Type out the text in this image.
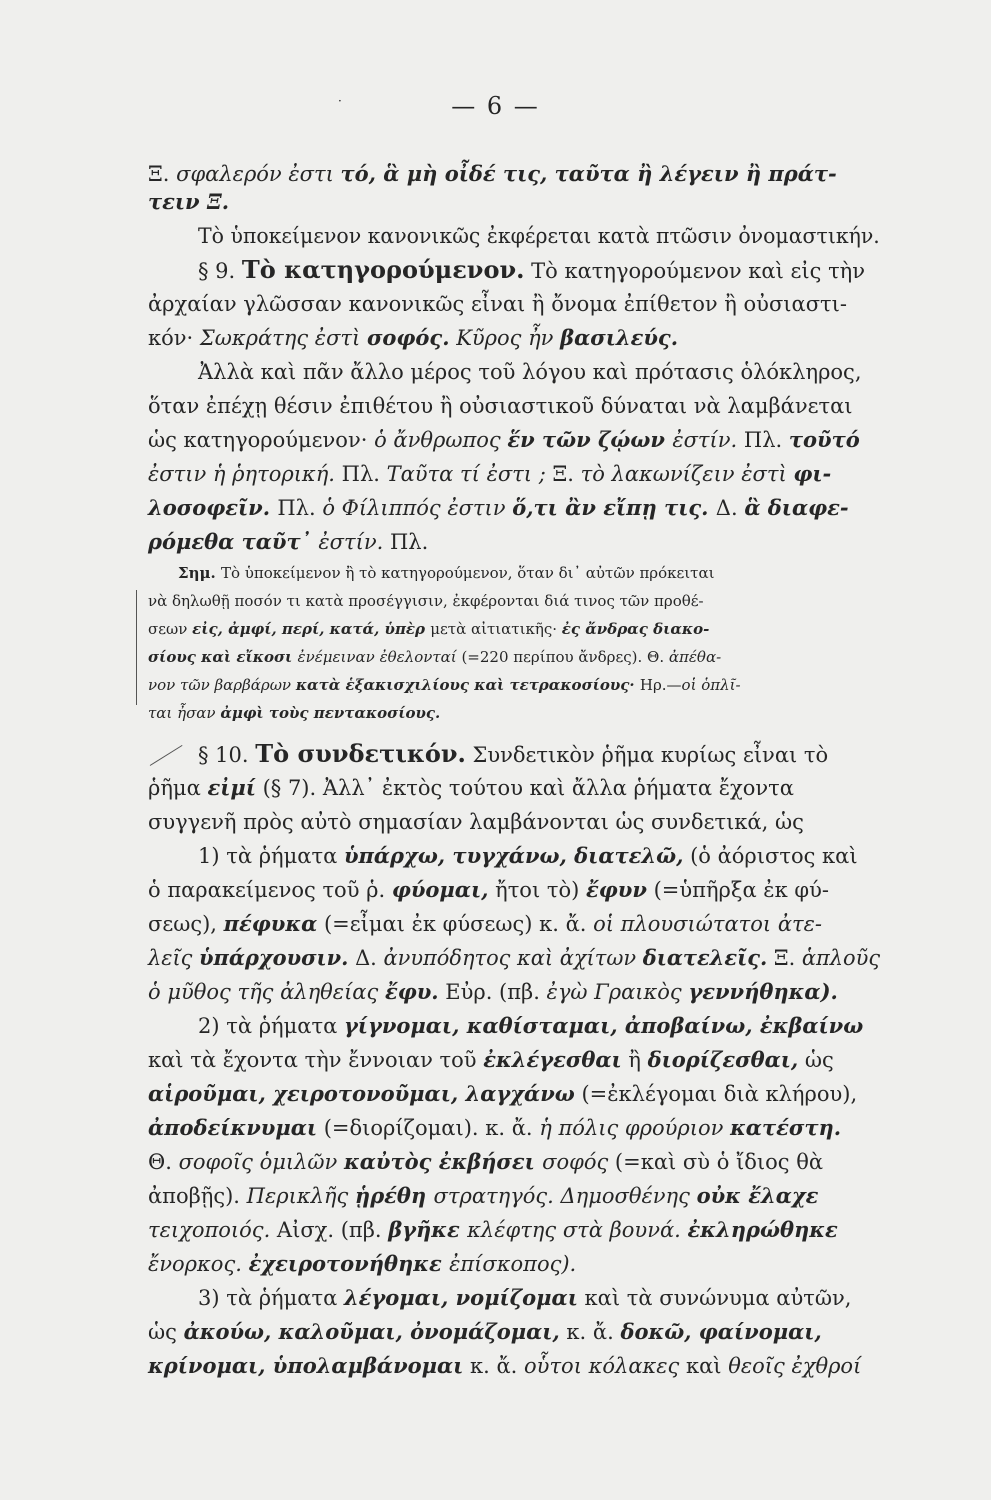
·	— 6 —
Ξ. σφαλερόν ἐστι τό, ἃ μὴ οἶδέ τις, ταῦτα ἢ λέγειν ἢ πράτ-
τειν Ξ.
Τὸ ὑποκείμενον κανονικῶς ἐκφέρεται κατὰ πτῶσιν ὀνομαστικήν.
§ 9. Τὸ κατηγορούμενον. Τὸ κατηγορούμενον καὶ εἰς τὴν
ἀρχαίαν γλῶσσαν κανονικῶς εἶναι ἢ ὄνομα ἐπίθετον ἢ οὐσιαστι-
κόν· Σωκράτης ἐστὶ σοφός. Κῦρος ἦν βασιλεύς.
Ἀλλὰ καὶ πᾶν ἄλλο μέρος τοῦ λόγου καὶ πρότασις ὁλόκληρος,
ὅταν ἐπέχῃ θέσιν ἐπιθέτου ἢ οὐσιαστικοῦ δύναται νὰ λαμβάνεται
ὡς κατηγορούμενον· ὁ ἄνθρωπος ἕν τῶν ζῴων ἐστίν. Πλ. τοῦτό
ἐστιν ἡ ῥητορική. Πλ. Ταῦτα τί ἐστι ; Ξ. τὸ λακωνίζειν ἐστὶ φι-
λοσοφεῖν. Πλ. ὁ Φίλιππός ἐστιν ὅ,τι ἂν εἴπῃ τις. Δ. ἃ διαφε-
ρόμεθα ταῦτ᾽ ἐστίν. Πλ.
Σημ. Τὸ ὑποκείμενον ἢ τὸ κατηγορούμενον, ὅταν δι᾽ αὐτῶν πρόκειται
νὰ δηλωθῇ ποσόν τι κατὰ προσέγγισιν, ἐκφέρονται διά τινος τῶν προθέ-
σεων εἰς, ἀμφί, περί, κατά, ὑπὲρ μετὰ αἰτιατικῆς· ἐς ἄνδρας διακο-
σίους καὶ εἴκοσι ἐνέμειναν ἐθελονταί (=220 περίπου ἄνδρες). Θ. ἀπέθα-
νον τῶν βαρβάρων κατὰ ἑξακισχιλίους καὶ τετρακοσίους· Ηρ.—οἱ ὁπλῖ-
ται ἦσαν ἀμφὶ τοὺς πεντακοσίους.
§ 10. Τὸ συνδετικόν. Συνδετικὸν ῥῆμα κυρίως εἶναι τὸ
ῥῆμα εἰμί (§ 7). Ἀλλ᾽ ἐκτὸς τούτου καὶ ἄλλα ῥήματα ἔχοντα
συγγενῆ πρὸς αὐτὸ σημασίαν λαμβάνονται ὡς συνδετικά, ὡς
1) τὰ ῥήματα ὑπάρχω, τυγχάνω, διατελῶ, (ὁ ἀόριστος καὶ
ὁ παρακείμενος τοῦ ῥ. φύομαι, ἤτοι τὸ) ἔφυν (=ὑπῆρξα ἐκ φύ-
σεως), πέφυκα (=εἶμαι ἐκ φύσεως) κ. ἄ. οἱ πλουσιώτατοι ἀτε-
λεῖς ὑπάρχουσιν. Δ. ἀνυπόδητος καὶ ἀχίτων διατελεῖς. Ξ. ἁπλοῦς
ὁ μῦθος τῆς ἀληθείας ἔφυ. Εὐρ. (πβ. ἐγὼ Γραικὸς γεννήθηκα).
2) τὰ ῥήματα γίγνομαι, καθίσταμαι, ἀποβαίνω, ἐκβαίνω
καὶ τὰ ἔχοντα τὴν ἔννοιαν τοῦ ἐκλέγεσθαι ἢ διορίζεσθαι, ὡς
αἱροῦμαι, χειροτονοῦμαι, λαγχάνω (=ἐκλέγομαι διὰ κλήρου),
ἀποδείκνυμαι (=διορίζομαι). κ. ἄ. ἡ πόλις φρούριον κατέστη.
Θ. σοφοῖς ὁμιλῶν καὐτὸς ἐκβήσει σοφός (=καὶ σὺ ὁ ἴδιος θὰ
ἀποβῇς). Περικλῆς ᾑρέθη στρατηγός. Δημοσθένης οὐκ ἔλαχε
τειχοποιός. Αἰσχ. (πβ. βγῆκε κλέφτης στὰ βουνά. ἐκληρώθηκε
ἔνορκος. ἐχειροτονήθηκε ἐπίσκοπος).
3) τὰ ῥήματα λέγομαι, νομίζομαι καὶ τὰ συνώνυμα αὐτῶν,
ὡς ἀκούω, καλοῦμαι, ὀνομάζομαι, κ. ἄ. δοκῶ, φαίνομαι,
κρίνομαι, ὑπολαμβάνομαι κ. ἄ. οὗτοι κόλακες καὶ θεοῖς ἐχθροί
